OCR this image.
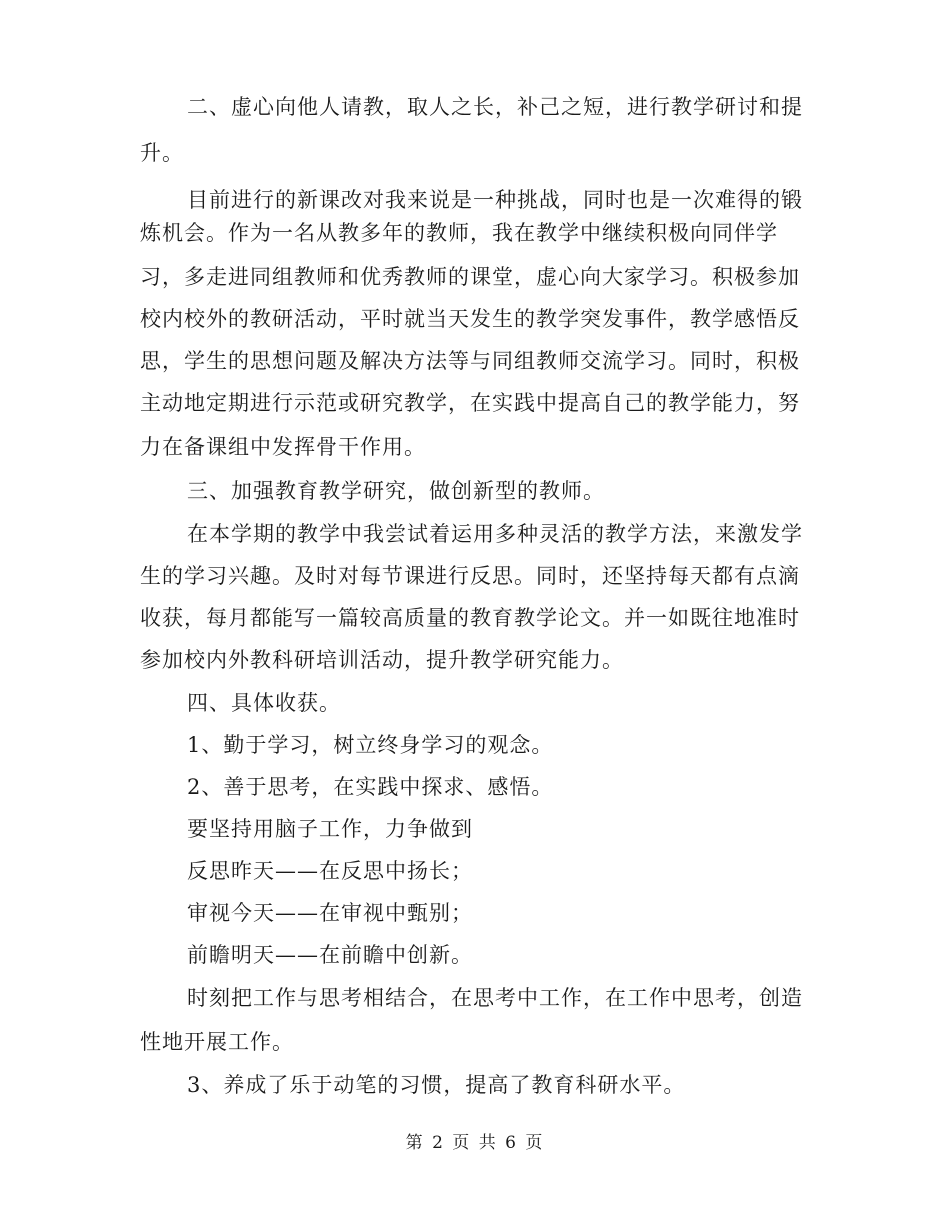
二、虚心向他人请教，取人之长，补己之短，进行教学研讨和提
升。
目前进行的新课改对我来说是一种挑战，同时也是一次难得的锻
炼机会。作为一名从教多年的教师，我在教学中继续积极向同伴学
习，多走进同组教师和优秀教师的课堂，虚心向大家学习。积极参加
校内校外的教研活动，平时就当天发生的教学突发事件，教学感悟反
思，学生的思想问题及解决方法等与同组教师交流学习。同时，积极
主动地定期进行示范或研究教学，在实践中提高自己的教学能力，努
力在备课组中发挥骨干作用。
三、加强教育教学研究，做创新型的教师。
在本学期的教学中我尝试着运用多种灵活的教学方法，来激发学
生的学习兴趣。及时对每节课进行反思。同时，还坚持每天都有点滴
收获，每月都能写一篇较高质量的教育教学论文。并一如既往地准时
参加校内外教科研培训活动，提升教学研究能力。
四、具体收获。
1、勤于学习，树立终身学习的观念。
2、善于思考，在实践中探求、感悟。
要坚持用脑子工作，力争做到
反思昨天——在反思中扬长；
审视今天——在审视中甄别；
前瞻明天——在前瞻中创新。
时刻把工作与思考相结合，在思考中工作，在工作中思考，创造
性地开展工作。
3、养成了乐于动笔的习惯，提高了教育科研水平。
第 2 页 共 6 页
